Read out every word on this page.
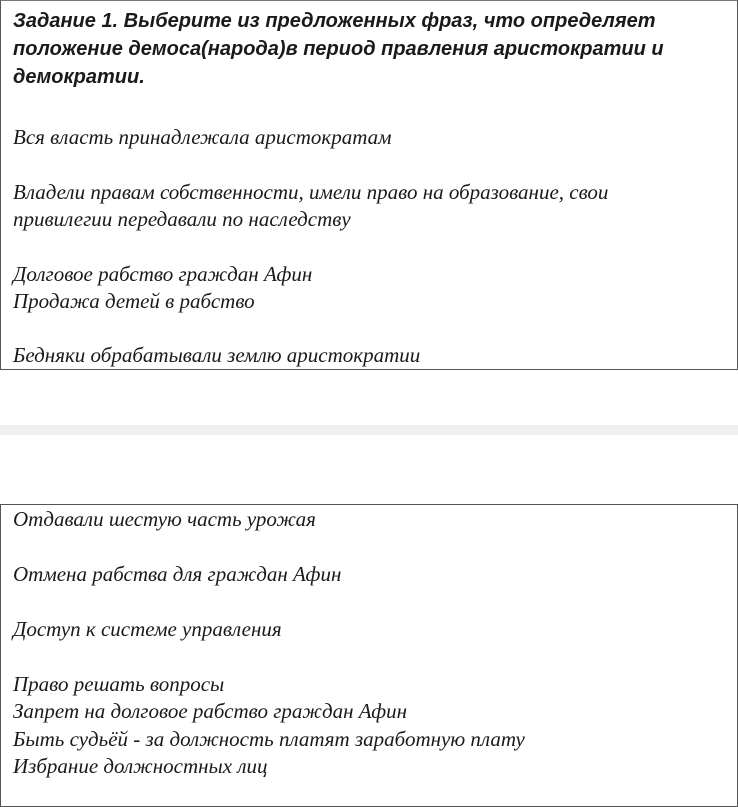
Задание 1. Выберите из предложенных фраз, что определяет положение демоса(народа)в период правления аристократии и демократии.

Вся власть принадлежала аристократам

Владели правам собственности, имели право на образование, свои

привилегии передавали по наследству

Долговое рабство граждан Афин

Продажа детей в рабство

Бедняки обрабатывали землю аристократии

Отдавали шестую часть урожая

Отмена рабства для граждан Афин

Доступ к системе управления

Право решать вопросы

Запрет на долговое рабство граждан Афин

Быть судьёй - за должность платят заработную плату

Избрание должностных лиц
